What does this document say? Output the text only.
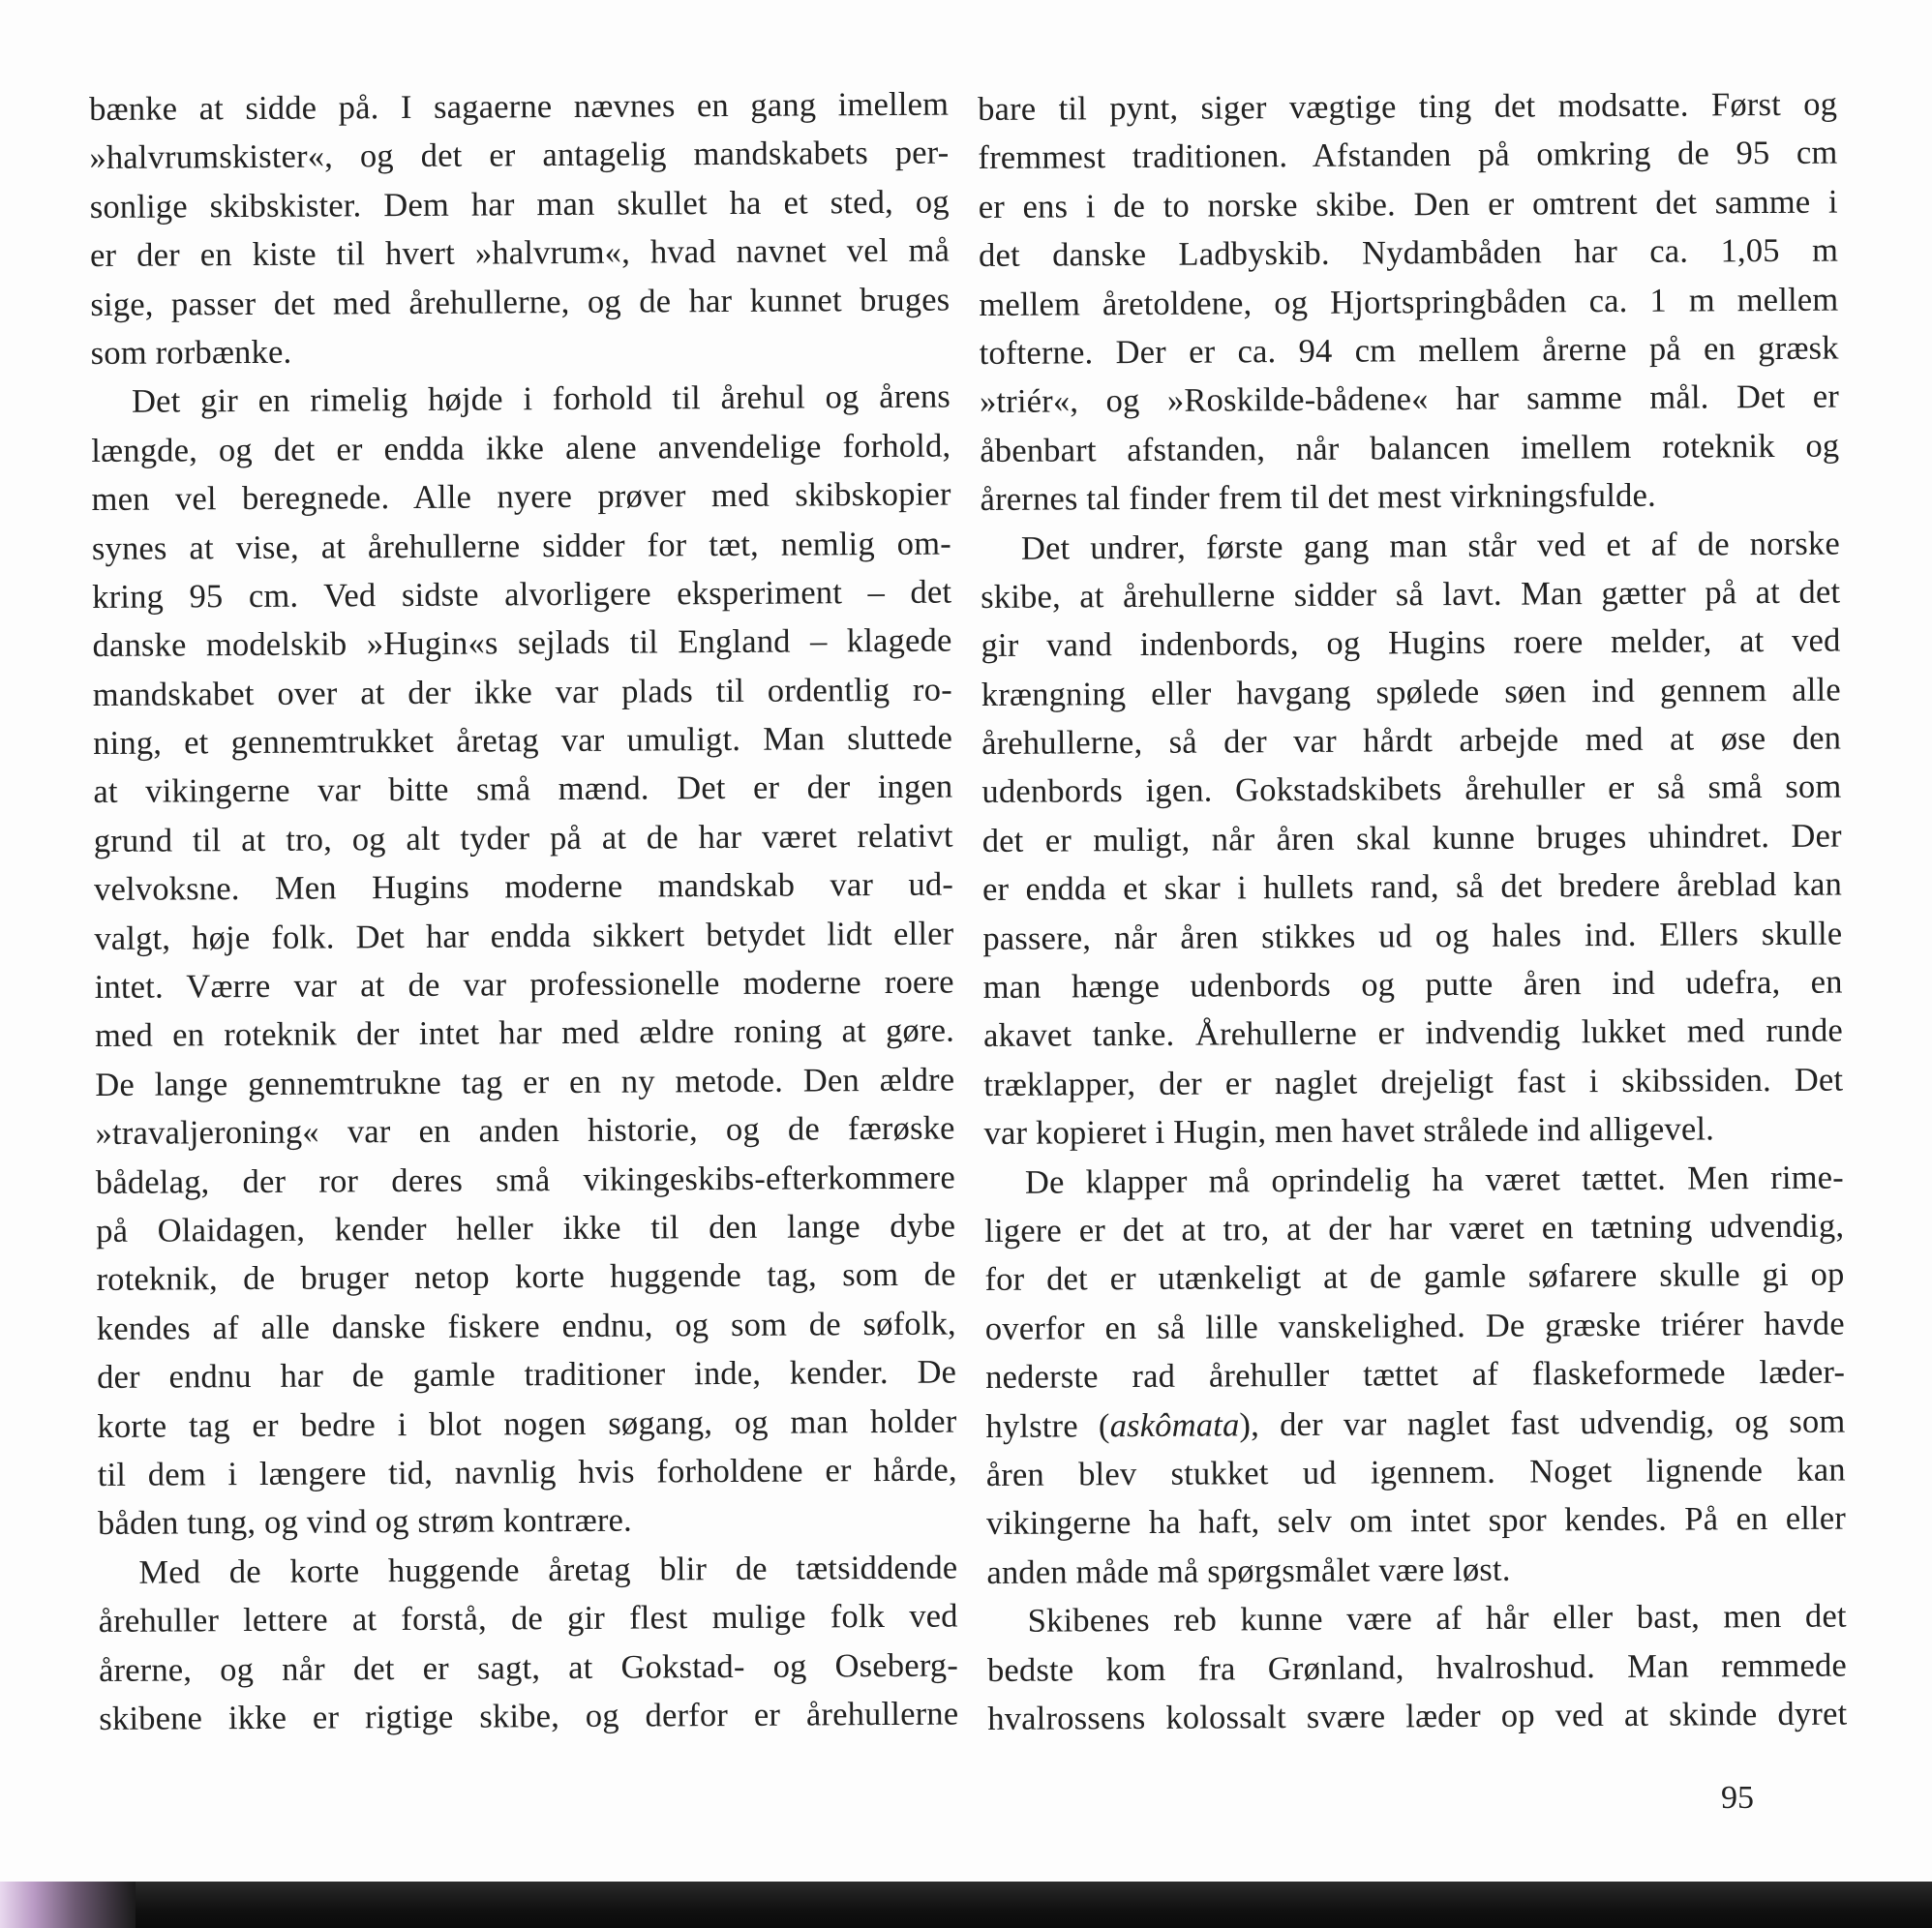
bænke at sidde på. I sagaerne nævnes en gang imellem
»halvrumskister«, og det er antagelig mandskabets per-
sonlige skibskister. Dem har man skullet ha et sted, og
er der en kiste til hvert »halvrum«, hvad navnet vel må
sige, passer det med årehullerne, og de har kunnet bruges
som rorbænke.
Det gir en rimelig højde i forhold til årehul og årens
længde, og det er endda ikke alene anvendelige forhold,
men vel beregnede. Alle nyere prøver med skibskopier
synes at vise, at årehullerne sidder for tæt, nemlig om-
kring 95 cm. Ved sidste alvorligere eksperiment – det
danske modelskib »Hugin«s sejlads til England – klagede
mandskabet over at der ikke var plads til ordentlig ro-
ning, et gennemtrukket åretag var umuligt. Man sluttede
at vikingerne var bitte små mænd. Det er der ingen
grund til at tro, og alt tyder på at de har været relativt
velvoksne. Men Hugins moderne mandskab var ud-
valgt, høje folk. Det har endda sikkert betydet lidt eller
intet. Værre var at de var professionelle moderne roere
med en roteknik der intet har med ældre roning at gøre.
De lange gennemtrukne tag er en ny metode. Den ældre
»travaljeroning« var en anden historie, og de færøske
bådelag, der ror deres små vikingeskibs-efterkommere
på Olaidagen, kender heller ikke til den lange dybe
roteknik, de bruger netop korte huggende tag, som de
kendes af alle danske fiskere endnu, og som de søfolk,
der endnu har de gamle traditioner inde, kender. De
korte tag er bedre i blot nogen søgang, og man holder
til dem i længere tid, navnlig hvis forholdene er hårde,
båden tung, og vind og strøm kontrære.
Med de korte huggende åretag blir de tætsiddende
årehuller lettere at forstå, de gir flest mulige folk ved
årerne, og når det er sagt, at Gokstad- og Oseberg-
skibene ikke er rigtige skibe, og derfor er årehullerne
bare til pynt, siger vægtige ting det modsatte. Først og
fremmest traditionen. Afstanden på omkring de 95 cm
er ens i de to norske skibe. Den er omtrent det samme i
det danske Ladbyskib. Nydambåden har ca. 1,05 m
mellem åretoldene, og Hjortspringbåden ca. 1 m mellem
tofterne. Der er ca. 94 cm mellem årerne på en græsk
»triér«, og »Roskilde-bådene« har samme mål. Det er
åbenbart afstanden, når balancen imellem roteknik og
årernes tal finder frem til det mest virkningsfulde.
Det undrer, første gang man står ved et af de norske
skibe, at årehullerne sidder så lavt. Man gætter på at det
gir vand indenbords, og Hugins roere melder, at ved
krængning eller havgang spølede søen ind gennem alle
årehullerne, så der var hårdt arbejde med at øse den
udenbords igen. Gokstadskibets årehuller er så små som
det er muligt, når åren skal kunne bruges uhindret. Der
er endda et skar i hullets rand, så det bredere åreblad kan
passere, når åren stikkes ud og hales ind. Ellers skulle
man hænge udenbords og putte åren ind udefra, en
akavet tanke. Årehullerne er indvendig lukket med runde
træklapper, der er naglet drejeligt fast i skibssiden. Det
var kopieret i Hugin, men havet strålede ind alligevel.
De klapper må oprindelig ha været tættet. Men rime-
ligere er det at tro, at der har været en tætning udvendig,
for det er utænkeligt at de gamle søfarere skulle gi op
overfor en så lille vanskelighed. De græske triérer havde
nederste rad årehuller tættet af flaskeformede læder-
hylstre (askômata), der var naglet fast udvendig, og som
åren blev stukket ud igennem. Noget lignende kan
vikingerne ha haft, selv om intet spor kendes. På en eller
anden måde må spørgsmålet være løst.
Skibenes reb kunne være af hår eller bast, men det
bedste kom fra Grønland, hvalroshud. Man remmede
hvalrossens kolossalt svære læder op ved at skinde dyret
95
